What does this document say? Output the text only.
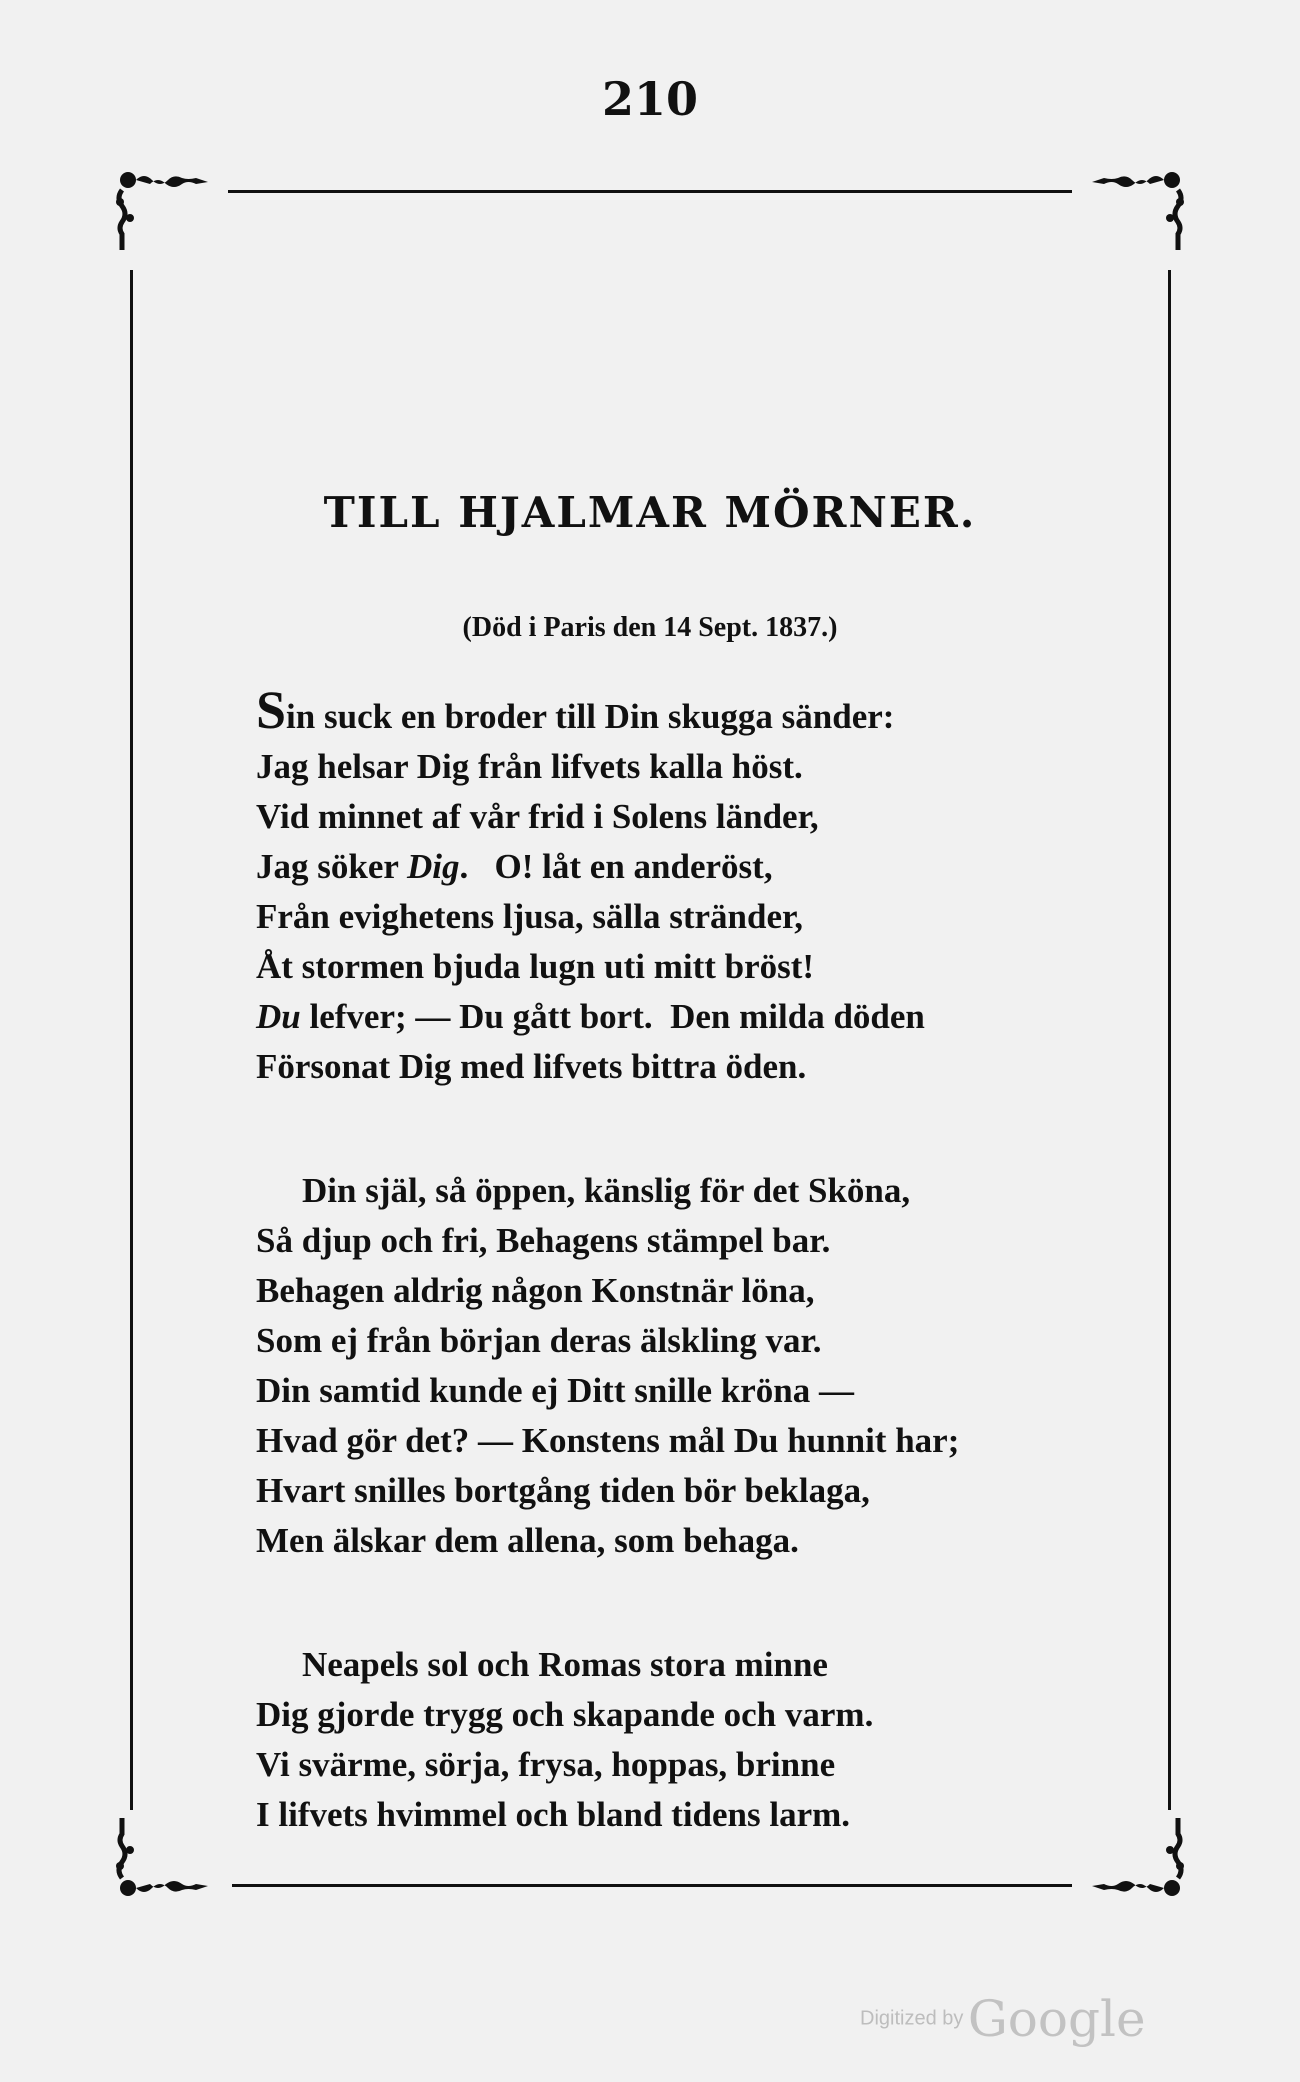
210
TILL HJALMAR MÖRNER.
(Död i Paris den 14 Sept. 1837.)
Sin suck en broder till Din skugga sänder:
Jag helsar Dig från lifvets kalla höst.
Vid minnet af vår frid i Solens länder,
Jag söker Dig.   O! låt en anderöst,
Från evighetens ljusa, sälla stränder,
Åt stormen bjuda lugn uti mitt bröst!
Du lefver; — Du gått bort.  Den milda döden
Försonat Dig med lifvets bittra öden.
Din själ, så öppen, känslig för det Sköna,
Så djup och fri, Behagens stämpel bar.
Behagen aldrig någon Konstnär löna,
Som ej från början deras älskling var.
Din samtid kunde ej Ditt snille kröna —
Hvad gör det? — Konstens mål Du hunnit har;
Hvart snilles bortgång tiden bör beklaga,
Men älskar dem allena, som behaga.
Neapels sol och Romas stora minne
Dig gjorde trygg och skapande och varm.
Vi svärme, sörja, frysa, hoppas, brinne
I lifvets hvimmel och bland tidens larm.
Digitized by Google
